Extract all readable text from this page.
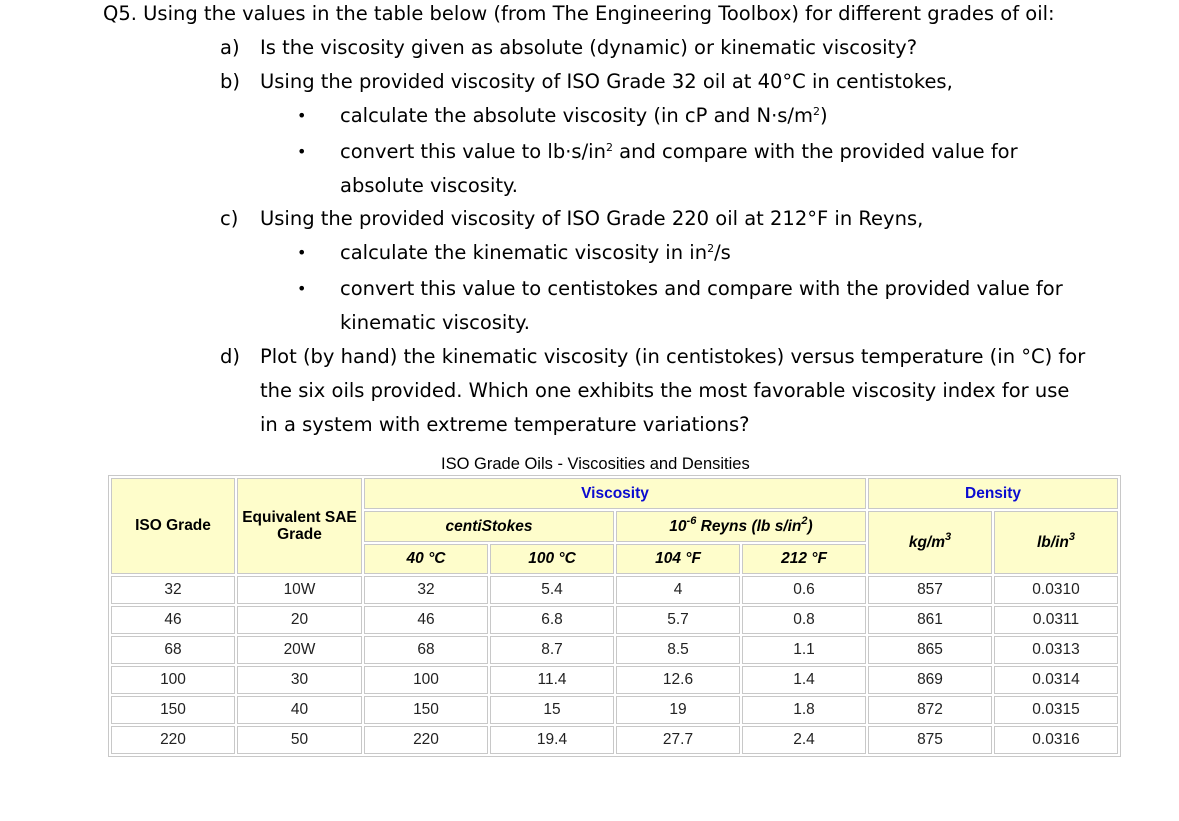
Q5. Using the values in the table below (from The Engineering Toolbox) for different grades of oil:
a) Is the viscosity given as absolute (dynamic) or kinematic viscosity?
b) Using the provided viscosity of ISO Grade 32 oil at 40°C in centistokes,
• calculate the absolute viscosity (in cP and $N\cdot s/m^2$)
• convert this value to $lb\cdot s/in^2$ and compare with the provided value for
absolute viscosity.
c) Using the provided viscosity of ISO Grade 220 oil at 212°F in Reyns,
• calculate the kinematic viscosity in $in^2/s$
• convert this value to centistokes and compare with the provided value for
kinematic viscosity.
d) Plot (by hand) the kinematic viscosity (in centistokes) versus temperature (in °C) for
the six oils provided. Which one exhibits the most favorable viscosity index for use
in a system with extreme temperature variations?
ISO Grade Oils - Viscosities and Densities
ISO Grade	Equivalent SAE Grade	Viscosity				Density	
		centiStokes		$10^{-6}$ Reyns (lb $s/in^2$)		$kg/m^3$	$lb/in^3$
		40 °C	100 °C	104 °F	212 °F		
32	10W	32	5.4	4	0.6	857	0.0310
46	20	46	6.8	5.7	0.8	861	0.0311
68	20W	68	8.7	8.5	1.1	865	0.0313
100	30	100	11.4	12.6	1.4	869	0.0314
150	40	150	15	19	1.8	872	0.0315
220	50	220	19.4	27.7	2.4	875	0.0316
